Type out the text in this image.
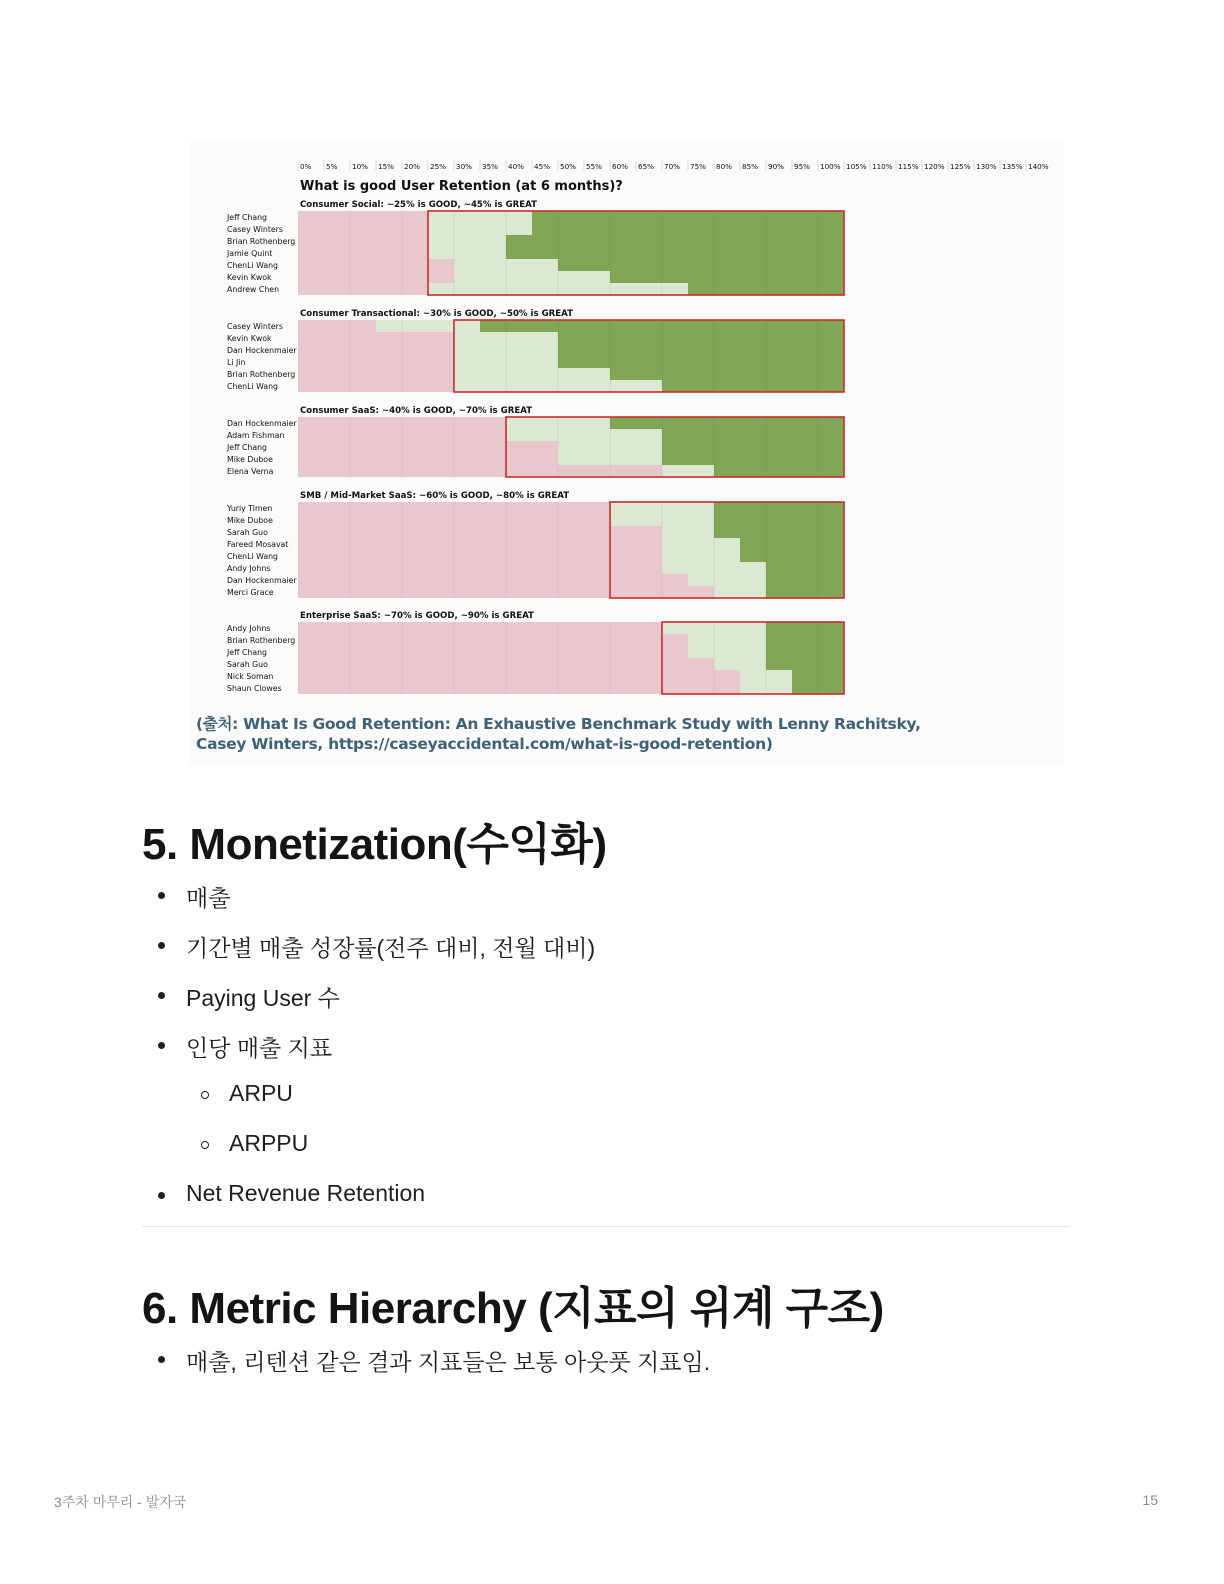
0% 5% 10% 15% 20% 25% 30% 35% 40% 45% 50% 55% 60% 65% 70% 75% 80% 85% 90% 95% 100% 105% 110% 115% 120% 125% 130% 135% 140%
What is good User Retention (at 6 months)?
Consumer Social: ~25% is GOOD, ~45% is GREAT
Jeff Chang
Casey Winters
Brian Rothenberg
Jamie Quint
ChenLi Wang
Kevin Kwok
Andrew Chen
Consumer Transactional: ~30% is GOOD, ~50% is GREAT
Casey Winters
Kevin Kwok
Dan Hockenmaier
Li Jin
Brian Rothenberg
ChenLi Wang
Consumer SaaS: ~40% is GOOD, ~70% is GREAT
Dan Hockenmaier
Adam Fishman
Jeff Chang
Mike Duboe
Elena Verna
SMB / Mid-Market SaaS: ~60% is GOOD, ~80% is GREAT
Yuriy Timen
Mike Duboe
Sarah Guo
Fareed Mosavat
ChenLi Wang
Andy Johns
Dan Hockenmaier
Merci Grace
Enterprise SaaS: ~70% is GOOD, ~90% is GREAT
Andy Johns
Brian Rothenberg
Jeff Chang
Sarah Guo
Nick Soman
Shaun Clowes
(출처: What Is Good Retention: An Exhaustive Benchmark Study with Lenny Rachitsky,
Casey Winters, https://caseyaccidental.com/what-is-good-retention)
5. Monetization(수익화)
매출
기간별 매출 성장률(전주 대비, 전월 대비)
Paying User 수
인당 매출 지표
ARPU
ARPPU
Net Revenue Retention
6. Metric Hierarchy (지표의 위계 구조)
매출, 리텐션 같은 결과 지표들은 보통 아웃풋 지표임.
3주차 마무리 - 발자국	15
